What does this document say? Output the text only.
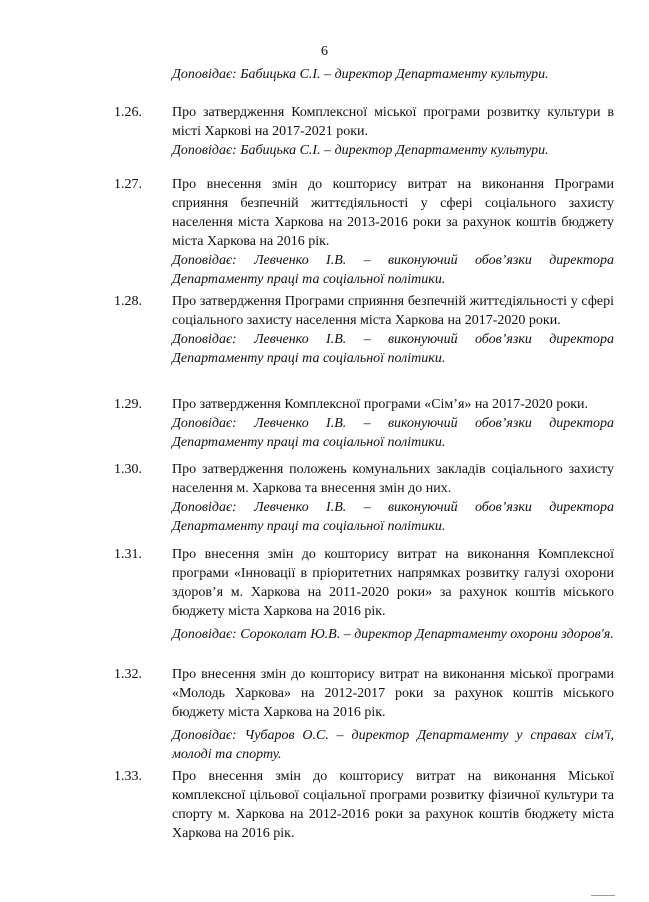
6
Доповідає: Бабицька С.І. – директор Департаменту культури.
1.26. Про затвердження Комплексної міської програми розвитку культури в місті Харкові на 2017-2021 роки.

Доповідає: Бабицька С.І. – директор Департаменту культури.

1.27. Про внесення змін до кошторису витрат на виконання Програми сприяння безпечній життєдіяльності у сфері соціального захисту населення міста Харкова на 2013-2016 роки за рахунок коштів бюджету міста Харкова на 2016 рік.

Доповідає: Левченко І.В. – виконуючий обов’язки директора Департаменту праці та соціальної політики.

1.28. Про затвердження Програми сприяння безпечній життєдіяльності у сфері соціального захисту населення міста Харкова на 2017-2020 роки.

Доповідає: Левченко І.В. – виконуючий обов’язки директора Департаменту праці та соціальної політики.

1.29. Про затвердження Комплексної програми «Сім’я» на 2017-2020 роки.

Доповідає: Левченко І.В. – виконуючий обов’язки директора Департаменту праці та соціальної політики.

1.30. Про затвердження положень комунальних закладів соціального захисту населення м. Харкова та внесення змін до них.

Доповідає: Левченко І.В. – виконуючий обов’язки директора Департаменту праці та соціальної політики.

1.31. Про внесення змін до кошторису витрат на виконання Комплексної програми «Інновації в пріоритетних напрямках розвитку галузі охорони здоров’я м. Харкова на 2011-2020 роки» за рахунок коштів міського бюджету міста Харкова на 2016 рік.

Доповідає: Сороколат Ю.В. – директор Департаменту охорони здоров'я.

1.32. Про внесення змін до кошторису витрат на виконання міської програми «Молодь Харкова» на 2012-2017 роки за рахунок коштів міського бюджету міста Харкова на 2016 рік.

Доповідає: Чубаров О.С. – директор Департаменту у справах сім'ї, молоді та спорту.

1.33. Про внесення змін до кошторису витрат на виконання Міської комплексної цільової соціальної програми розвитку фізичної культури та спорту м. Харкова на 2012-2016 роки за рахунок коштів бюджету міста Харкова на 2016 рік.
